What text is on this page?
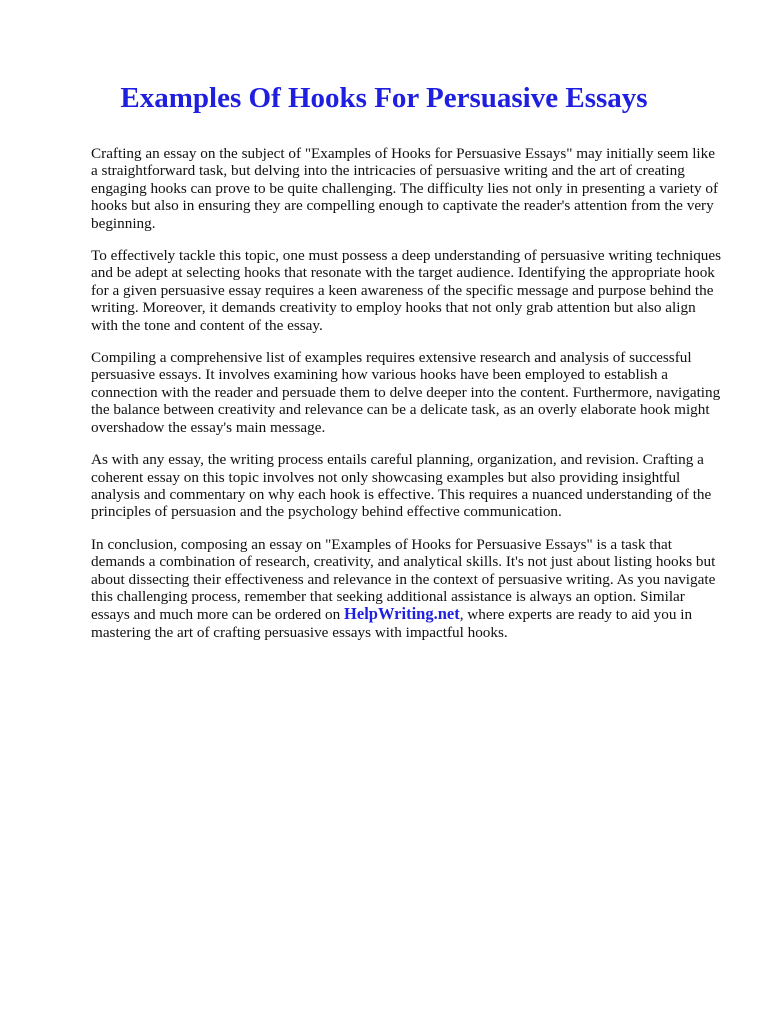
Examples Of Hooks For Persuasive Essays

Crafting an essay on the subject of "Examples of Hooks for Persuasive Essays" may initially seem like a straightforward task, but delving into the intricacies of persuasive writing and the art of creating engaging hooks can prove to be quite challenging. The difficulty lies not only in presenting a variety of hooks but also in ensuring they are compelling enough to captivate the reader's attention from the very beginning.

To effectively tackle this topic, one must possess a deep understanding of persuasive writing techniques and be adept at selecting hooks that resonate with the target audience. Identifying the appropriate hook for a given persuasive essay requires a keen awareness of the specific message and purpose behind the writing. Moreover, it demands creativity to employ hooks that not only grab attention but also align with the tone and content of the essay.

Compiling a comprehensive list of examples requires extensive research and analysis of successful persuasive essays. It involves examining how various hooks have been employed to establish a connection with the reader and persuade them to delve deeper into the content. Furthermore, navigating the balance between creativity and relevance can be a delicate task, as an overly elaborate hook might overshadow the essay's main message.

As with any essay, the writing process entails careful planning, organization, and revision. Crafting a coherent essay on this topic involves not only showcasing examples but also providing insightful analysis and commentary on why each hook is effective. This requires a nuanced understanding of the principles of persuasion and the psychology behind effective communication.

In conclusion, composing an essay on "Examples of Hooks for Persuasive Essays" is a task that demands a combination of research, creativity, and analytical skills. It's not just about listing hooks but about dissecting their effectiveness and relevance in the context of persuasive writing. As you navigate this challenging process, remember that seeking additional assistance is always an option. Similar essays and much more can be ordered on HelpWriting.net, where experts are ready to aid you in mastering the art of crafting persuasive essays with impactful hooks.
